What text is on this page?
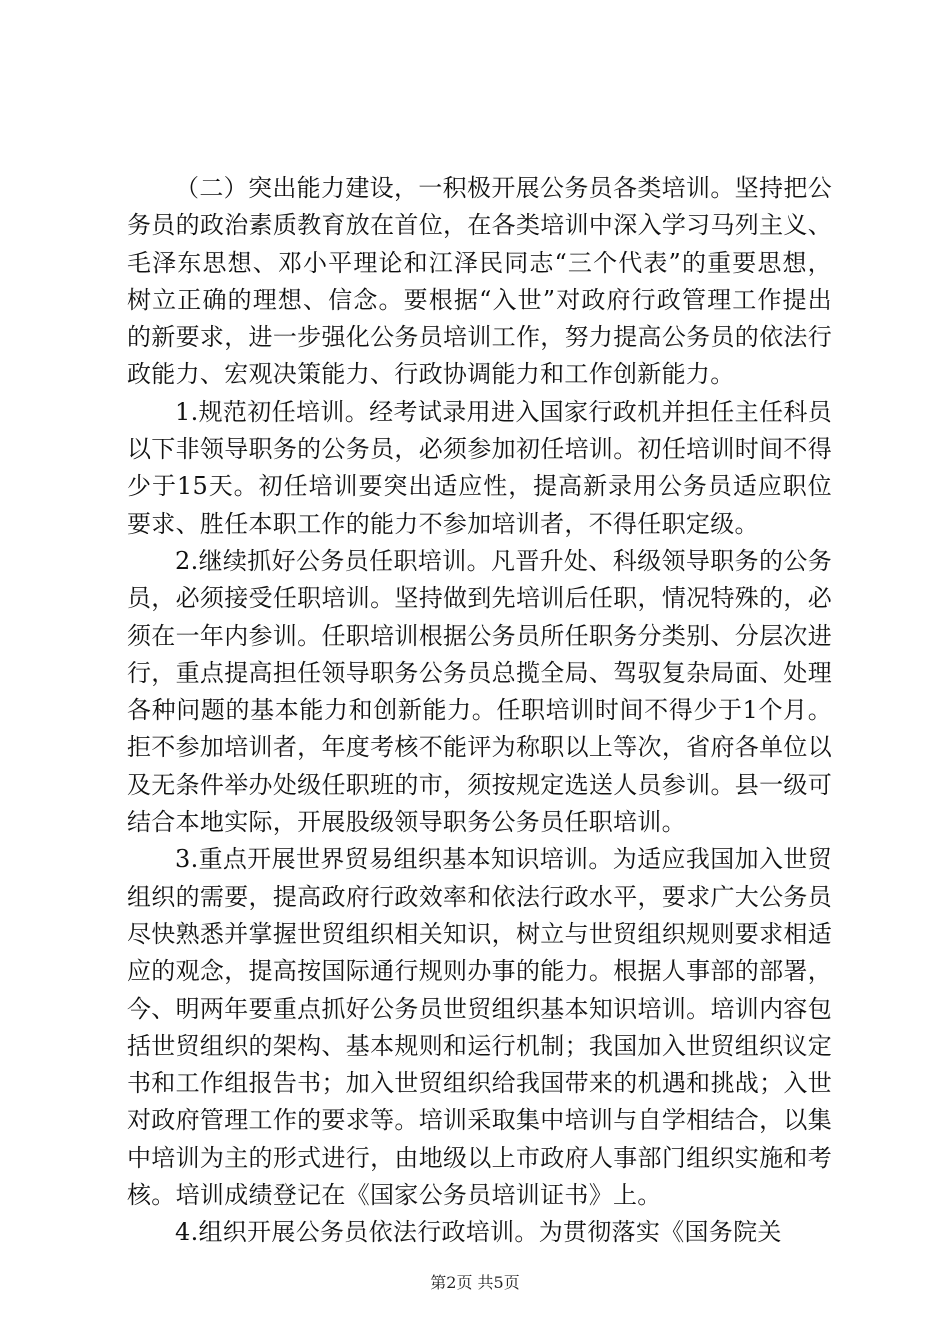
（二）突出能力建设，一积极开展公务员各类培训。坚持把公务员的政治素质教育放在首位，在各类培训中深入学习马列主义、毛泽东思想、邓小平理论和江泽民同志“三个代表”的重要思想，树立正确的理想、信念。要根据“入世”对政府行政管理工作提出的新要求，进一步强化公务员培训工作，努力提高公务员的依法行政能力、宏观决策能力、行政协调能力和工作创新能力。

1.规范初任培训。经考试录用进入国家行政机并担任主任科员以下非领导职务的公务员，必须参加初任培训。初任培训时间不得少于15天。初任培训要突出适应性，提高新录用公务员适应职位要求、胜任本职工作的能力不参加培训者，不得任职定级。

2.继续抓好公务员任职培训。凡晋升处、科级领导职务的公务员，必须接受任职培训。坚持做到先培训后任职，情况特殊的，必须在一年内参训。任职培训根据公务员所任职务分类别、分层次进行，重点提高担任领导职务公务员总揽全局、驾驭复杂局面、处理各种问题的基本能力和创新能力。任职培训时间不得少于1个月。拒不参加培训者，年度考核不能评为称职以上等次，省府各单位以及无条件举办处级任职班的市，须按规定选送人员参训。县一级可结合本地实际，开展股级领导职务公务员任职培训。

3.重点开展世界贸易组织基本知识培训。为适应我国加入世贸组织的需要，提高政府行政效率和依法行政水平，要求广大公务员尽快熟悉并掌握世贸组织相关知识，树立与世贸组织规则要求相适应的观念，提高按国际通行规则办事的能力。根据人事部的部署，今、明两年要重点抓好公务员世贸组织基本知识培训。培训内容包括世贸组织的架构、基本规则和运行机制；我国加入世贸组织议定书和工作组报告书；加入世贸组织给我国带来的机遇和挑战；入世对政府管理工作的要求等。培训采取集中培训与自学相结合，以集中培训为主的形式进行，由地级以上市政府人事部门组织实施和考核。培训成绩登记在《国家公务员培训证书》上。

4.组织开展公务员依法行政培训。为贯彻落实《国务院关

第2页 共5页
